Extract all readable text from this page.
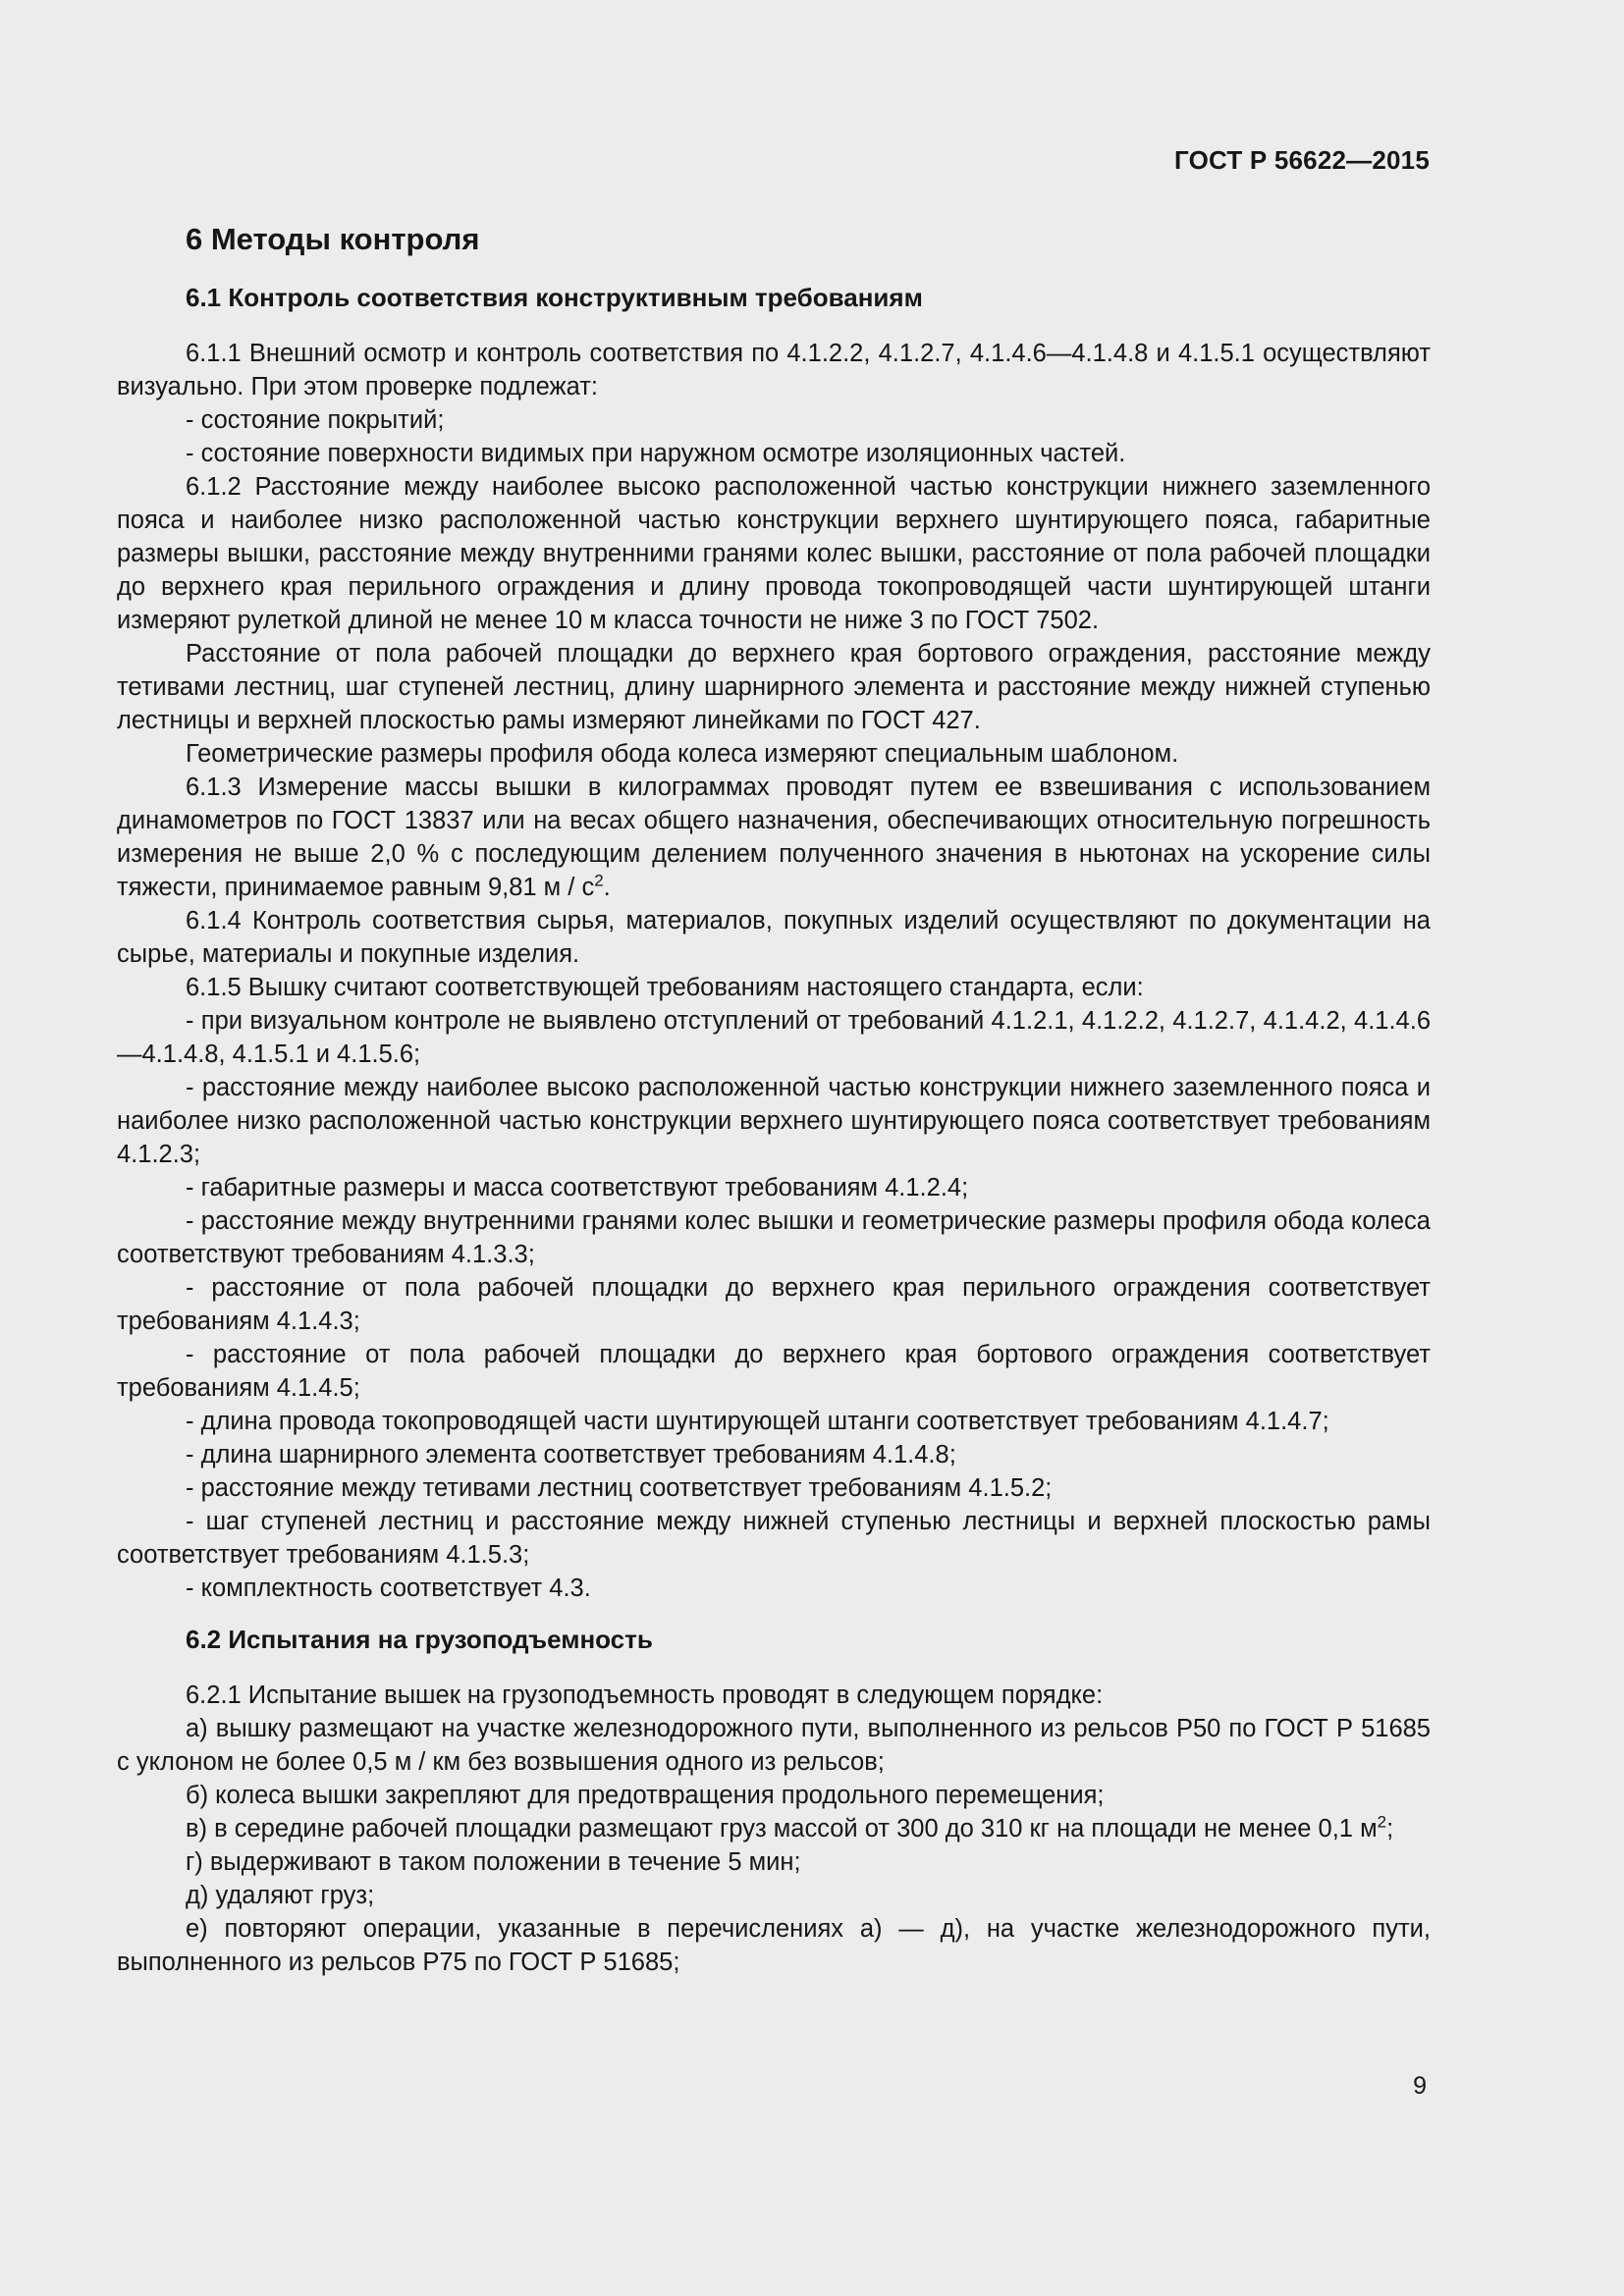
ГОСТ Р 56622—2015
6 Методы контроля
6.1 Контроль соответствия конструктивным требованиям
6.1.1 Внешний осмотр и контроль соответствия по 4.1.2.2, 4.1.2.7, 4.1.4.6—4.1.4.8 и 4.1.5.1 осуществляют визуально. При этом проверке подлежат:
- состояние покрытий;
- состояние поверхности видимых при наружном осмотре изоляционных частей.
6.1.2 Расстояние между наиболее высоко расположенной частью конструкции нижнего заземленного пояса и наиболее низко расположенной частью конструкции верхнего шунтирующего пояса, габаритные размеры вышки, расстояние между внутренними гранями колес вышки, расстояние от пола рабочей площадки до верхнего края перильного ограждения и длину провода токопроводящей части шунтирующей штанги измеряют рулеткой длиной не менее 10 м класса точности не ниже 3 по ГОСТ 7502.
Расстояние от пола рабочей площадки до верхнего края бортового ограждения, расстояние между тетивами лестниц, шаг ступеней лестниц, длину шарнирного элемента и расстояние между нижней ступенью лестницы и верхней плоскостью рамы измеряют линейками по ГОСТ 427.
Геометрические размеры профиля обода колеса измеряют специальным шаблоном.
6.1.3 Измерение массы вышки в килограммах проводят путем ее взвешивания с использованием динамометров по ГОСТ 13837 или на весах общего назначения, обеспечивающих относительную погрешность измерения не выше 2,0 % с последующим делением полученного значения в ньютонах на ускорение силы тяжести, принимаемое равным 9,81 м / $с^2$.
6.1.4 Контроль соответствия сырья, материалов, покупных изделий осуществляют по документации на сырье, материалы и покупные изделия.
6.1.5 Вышку считают соответствующей требованиям настоящего стандарта, если:
- при визуальном контроле не выявлено отступлений от требований 4.1.2.1, 4.1.2.2, 4.1.2.7, 4.1.4.2, 4.1.4.6—4.1.4.8, 4.1.5.1 и 4.1.5.6;
- расстояние между наиболее высоко расположенной частью конструкции нижнего заземленного пояса и наиболее низко расположенной частью конструкции верхнего шунтирующего пояса соответствует требованиям 4.1.2.3;
- габаритные размеры и масса соответствуют требованиям 4.1.2.4;
- расстояние между внутренними гранями колес вышки и геометрические размеры профиля обода колеса соответствуют требованиям 4.1.3.3;
- расстояние от пола рабочей площадки до верхнего края перильного ограждения соответствует требованиям 4.1.4.3;
- расстояние от пола рабочей площадки до верхнего края бортового ограждения соответствует требованиям 4.1.4.5;
- длина провода токопроводящей части шунтирующей штанги соответствует требованиям 4.1.4.7;
- длина шарнирного элемента соответствует требованиям 4.1.4.8;
- расстояние между тетивами лестниц соответствует требованиям 4.1.5.2;
- шаг ступеней лестниц и расстояние между нижней ступенью лестницы и верхней плоскостью рамы соответствует требованиям 4.1.5.3;
- комплектность соответствует 4.3.
6.2 Испытания на грузоподъемность
6.2.1 Испытание вышек на грузоподъемность проводят в следующем порядке:
а) вышку размещают на участке железнодорожного пути, выполненного из рельсов Р50 по ГОСТ Р 51685 с уклоном не более 0,5 м / км без возвышения одного из рельсов;
б) колеса вышки закрепляют для предотвращения продольного перемещения;
в) в середине рабочей площадки размещают груз массой от 300 до 310 кг на площади не менее 0,1 $м^2$;
г) выдерживают в таком положении в течение 5 мин;
д) удаляют груз;
е) повторяют операции, указанные в перечислениях а) — д), на участке железнодорожного пути, выполненного из рельсов Р75 по ГОСТ Р 51685;
9
